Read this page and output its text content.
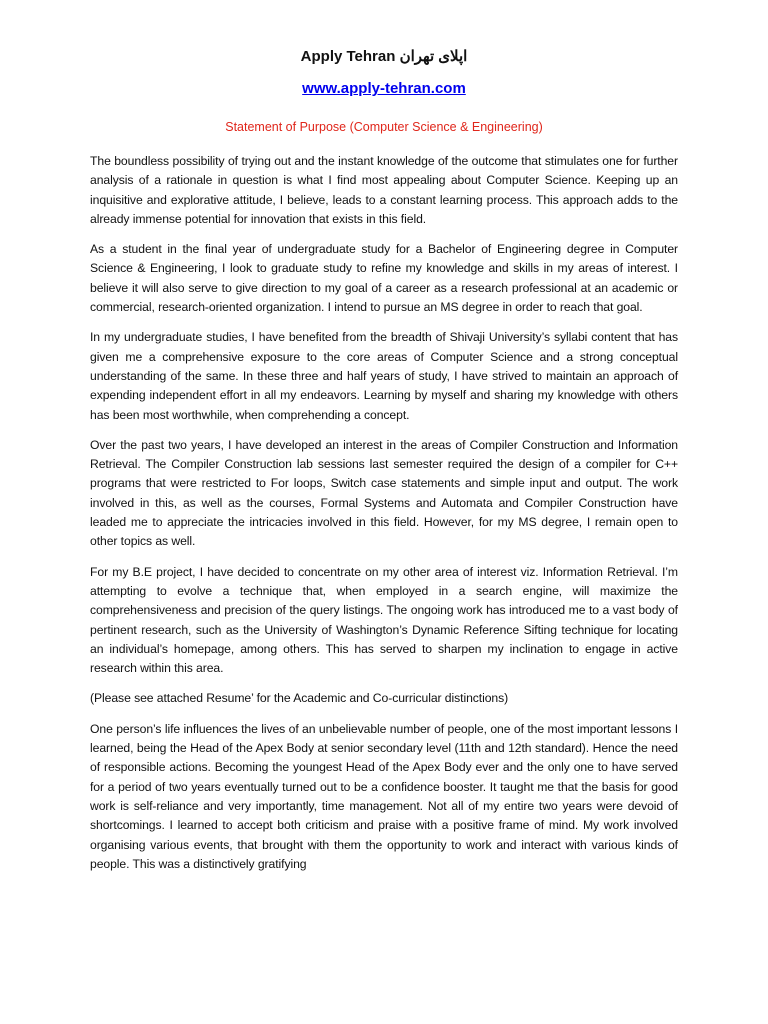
Apply Tehran اپلای تهران
www.apply-tehran.com
Statement of Purpose (Computer Science & Engineering)

The boundless possibility of trying out and the instant knowledge of the outcome that stimulates one for further analysis of a rationale in question is what I find most appealing about Computer Science. Keeping up an inquisitive and explorative attitude, I believe, leads to a constant learning process. This approach adds to the already immense potential for innovation that exists in this field.

As a student in the final year of undergraduate study for a Bachelor of Engineering degree in Computer Science & Engineering, I look to graduate study to refine my knowledge and skills in my areas of interest. I believe it will also serve to give direction to my goal of a career as a research professional at an academic or commercial, research-oriented organization. I intend to pursue an MS degree in order to reach that goal.

In my undergraduate studies, I have benefited from the breadth of Shivaji University’s syllabi content that has given me a comprehensive exposure to the core areas of Computer Science and a strong conceptual understanding of the same. In these three and half years of study, I have strived to maintain an approach of expending independent effort in all my endeavors. Learning by myself and sharing my knowledge with others has been most worthwhile, when comprehending a concept.

Over the past two years, I have developed an interest in the areas of Compiler Construction and Information Retrieval. The Compiler Construction lab sessions last semester required the design of a compiler for C++ programs that were restricted to For loops, Switch case statements and simple input and output. The work involved in this, as well as the courses, Formal Systems and Automata and Compiler Construction have leaded me to appreciate the intricacies involved in this field. However, for my MS degree, I remain open to other topics as well.

For my B.E project, I have decided to concentrate on my other area of interest viz. Information Retrieval. I’m attempting to evolve a technique that, when employed in a search engine, will maximize the comprehensiveness and precision of the query listings. The ongoing work has introduced me to a vast body of pertinent research, such as the University of Washington’s Dynamic Reference Sifting technique for locating an individual’s homepage, among others. This has served to sharpen my inclination to engage in active research within this area.

(Please see attached Resume’ for the Academic and Co-curricular distinctions)

One person’s life influences the lives of an unbelievable number of people, one of the most important lessons I learned, being the Head of the Apex Body at senior secondary level (11th and 12th standard). Hence the need of responsible actions. Becoming the youngest Head of the Apex Body ever and the only one to have served for a period of two years eventually turned out to be a confidence booster. It taught me that the basis for good work is self-reliance and very importantly, time management. Not all of my entire two years were devoid of shortcomings. I learned to accept both criticism and praise with a positive frame of mind. My work involved organising various events, that brought with them the opportunity to work and interact with various kinds of people. This was a distinctively gratifying
